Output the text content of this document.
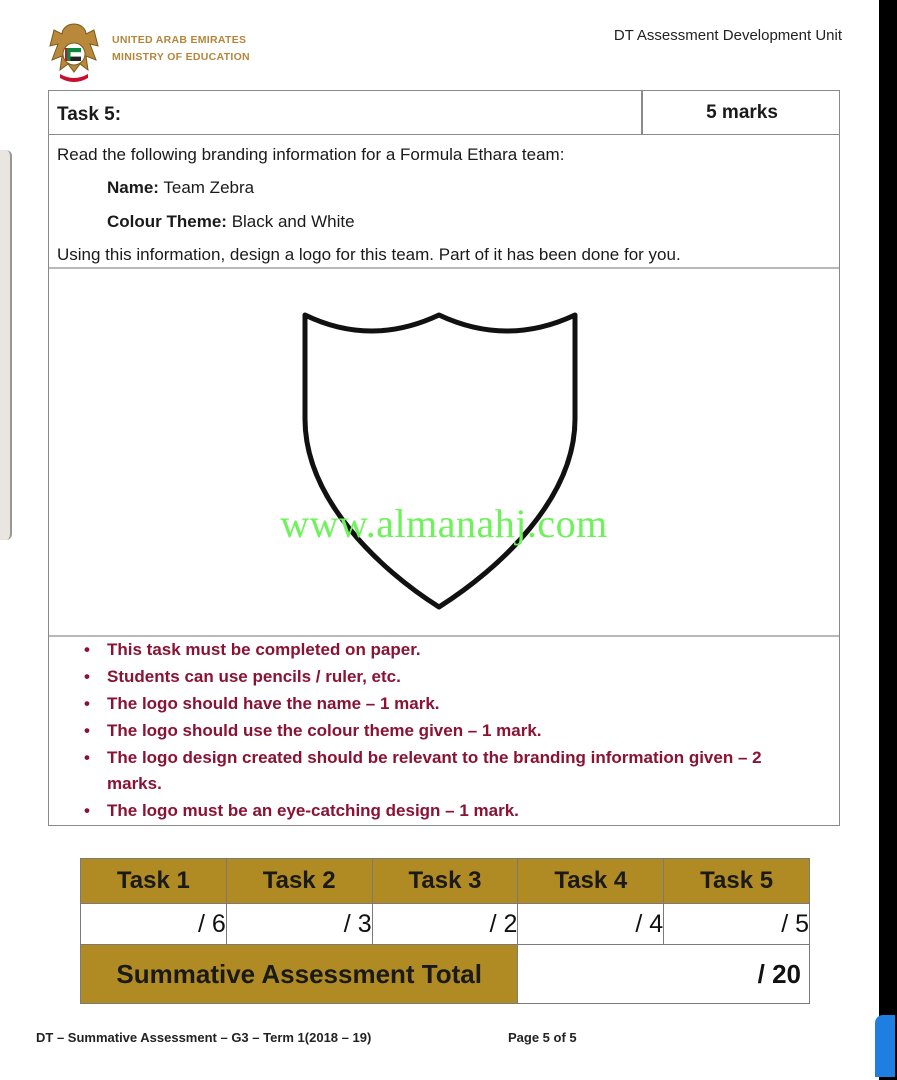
UNITED ARAB EMIRATES
MINISTRY OF EDUCATION
DT Assessment Development Unit
Task 5:	5 marks
Read the following branding information for a Formula Ethara team:
Name: Team Zebra
Colour Theme: Black and White
Using this information, design a logo for this team. Part of it has been done for you.
www.almanahj.com
• This task must be completed on paper.
• Students can use pencils / ruler, etc.
• The logo should have the name – 1 mark.
• The logo should use the colour theme given – 1 mark.
• The logo design created should be relevant to the branding information given – 2 marks.
• The logo must be an eye-catching design – 1 mark.
Task 1	Task 2	Task 3	Task 4	Task 5
/ 6	/ 3	/ 2	/ 4	/ 5
Summative Assessment Total			/ 20	
DT – Summative Assessment – G3 – Term 1(2018 – 19)	Page 5 of 5
